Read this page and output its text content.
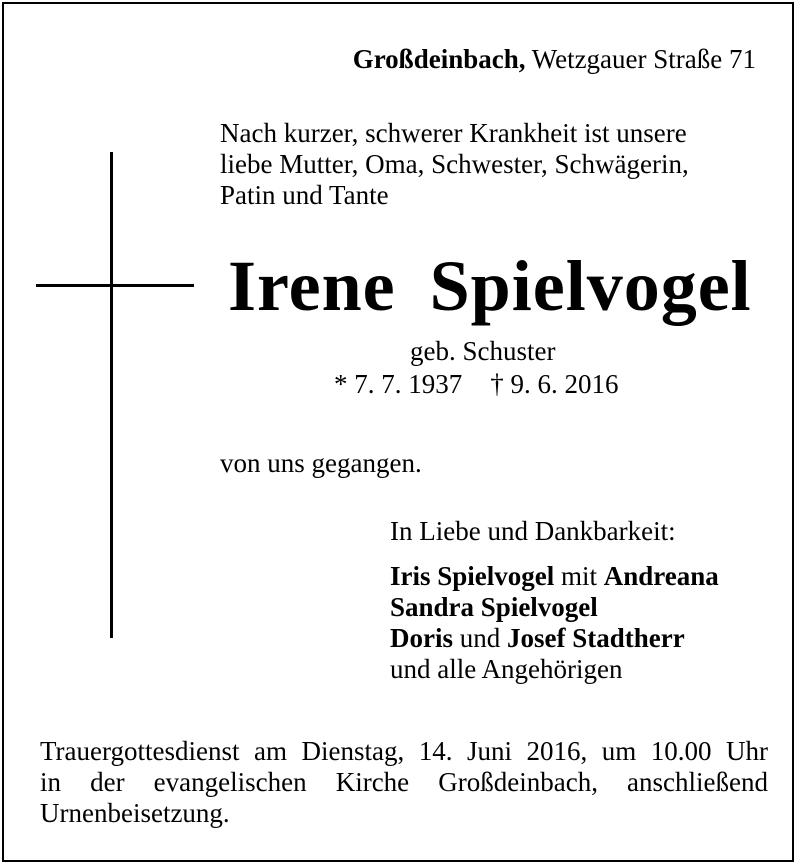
Großdeinbach, Wetzgauer Straße 71
Nach kurzer, schwerer Krankheit ist unsere
liebe Mutter, Oma, Schwester, Schwägerin,
Patin und Tante
Irene Spielvogel
geb. Schuster
* 7. 7. 1937 † 9. 6. 2016
von uns gegangen.
In Liebe und Dankbarkeit:
Iris Spielvogel mit Andreana
Sandra Spielvogel
Doris und Josef Stadtherr
und alle Angehörigen
Trauergottesdienst am Dienstag, 14. Juni 2016, um 10.00 Uhr
in der evangelischen Kirche Großdeinbach, anschließend
Urnenbeisetzung.
